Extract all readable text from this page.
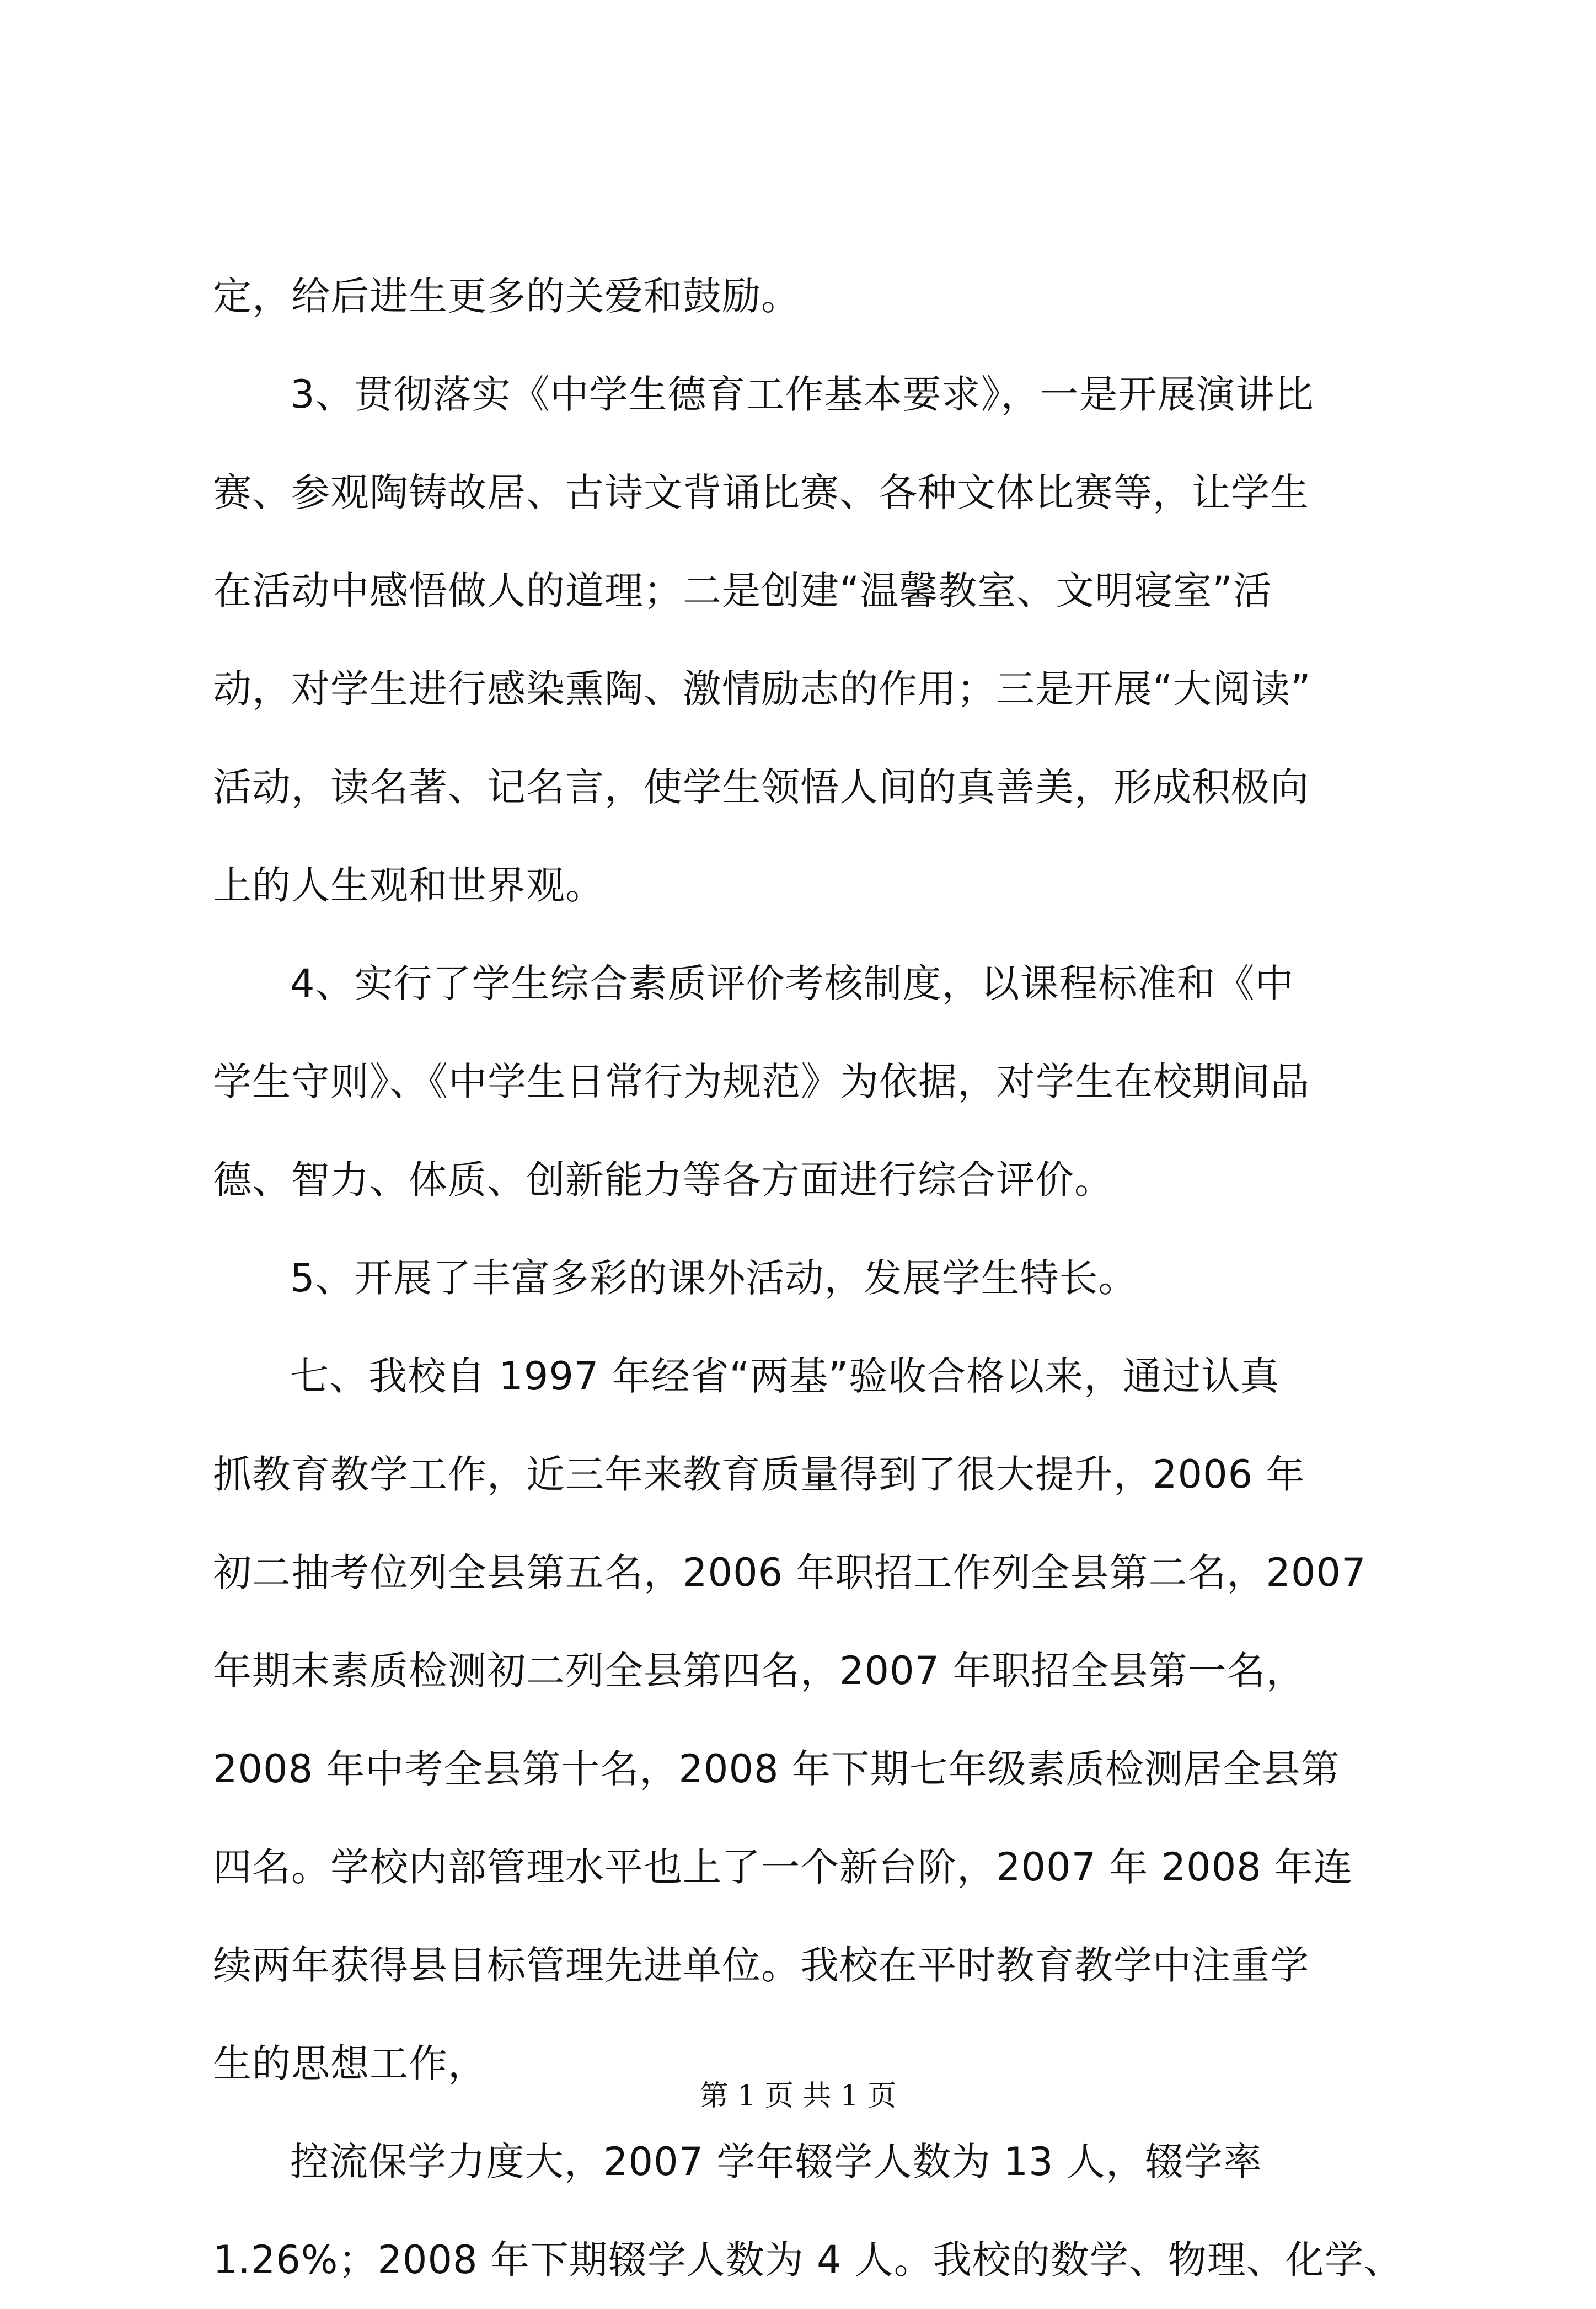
定，给后进生更多的关爱和鼓励。
3、贯彻落实《中学生德育工作基本要求》，一是开展演讲比
赛、参观陶铸故居、古诗文背诵比赛、各种文体比赛等，让学生
在活动中感悟做人的道理；二是创建“温馨教室、文明寝室”活
动，对学生进行感染熏陶、激情励志的作用；三是开展“大阅读”
活动，读名著、记名言，使学生领悟人间的真善美，形成积极向
上的人生观和世界观。
4、实行了学生综合素质评价考核制度，以课程标准和《中
学生守则》、《中学生日常行为规范》为依据，对学生在校期间品
德、智力、体质、创新能力等各方面进行综合评价。
5、开展了丰富多彩的课外活动，发展学生特长。
七、我校自 1997 年经省“两基”验收合格以来，通过认真
抓教育教学工作，近三年来教育质量得到了很大提升，2006 年
初二抽考位列全县第五名，2006 年职招工作列全县第二名，2007
年期末素质检测初二列全县第四名，2007 年职招全县第一名，
2008 年中考全县第十名，2008 年下期七年级素质检测居全县第
四名。学校内部管理水平也上了一个新台阶，2007 年 2008 年连
续两年获得县目标管理先进单位。我校在平时教育教学中注重学
生的思想工作，
控流保学力度大，2007 学年辍学人数为 13 人，辍学率
1.26%；2008 年下期辍学人数为 4 人。我校的数学、物理、化学、
第 1 页 共 1 页
